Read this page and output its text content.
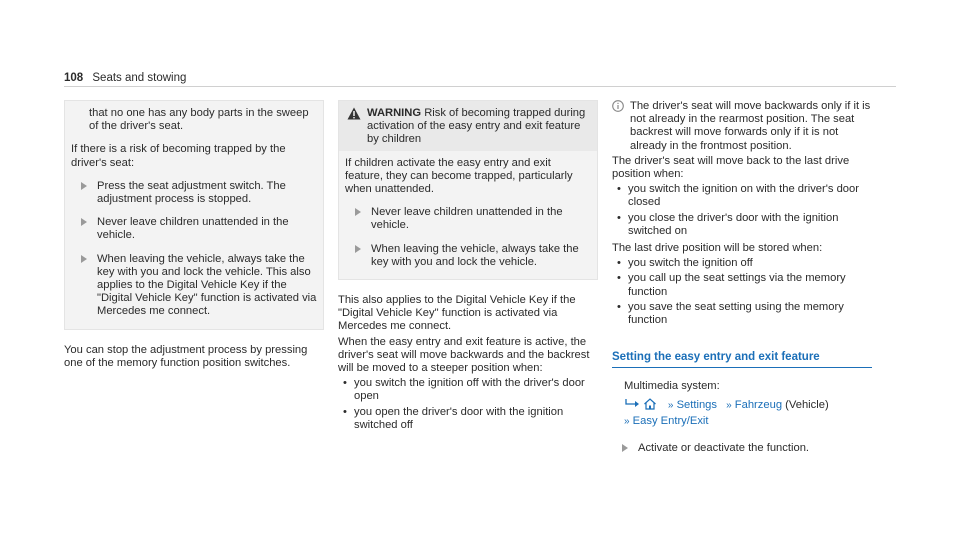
108 Seats and stowing

that no one has any body parts in the sweep of the driver's seat.

If there is a risk of becoming trapped by the driver's seat:

Press the seat adjustment switch. The adjustment process is stopped.
Never leave children unattended in the vehicle.
When leaving the vehicle, always take the key with you and lock the vehicle. This also applies to the Digital Vehicle Key if the "Digital Vehicle Key" function is activated via Mercedes me connect.

You can stop the adjustment process by pressing one of the memory function position switches.

WARNING Risk of becoming trapped during activation of the easy entry and exit feature by children

If children activate the easy entry and exit feature, they can become trapped, particularly when unattended.

Never leave children unattended in the vehicle.
When leaving the vehicle, always take the key with you and lock the vehicle.

This also applies to the Digital Vehicle Key if the "Digital Vehicle Key" function is activated via Mercedes me connect.

When the easy entry and exit feature is active, the driver's seat will move backwards and the backrest will be moved to a steeper position when:

• you switch the ignition off with the driver's door open
• you open the driver's door with the ignition switched off

The driver's seat will move backwards only if it is not already in the rearmost position. The seat backrest will move forwards only if it is not already in the frontmost position.

The driver's seat will move back to the last drive position when:

• you switch the ignition on with the driver's door closed
• you close the driver's door with the ignition switched on

The last drive position will be stored when:

• you switch the ignition off
• you call up the seat settings via the memory function
• you save the seat setting using the memory function
Setting the easy entry and exit feature

Multimedia system:

» Settings » Fahrzeug (Vehicle)
» Easy Entry/Exit
Activate or deactivate the function.
